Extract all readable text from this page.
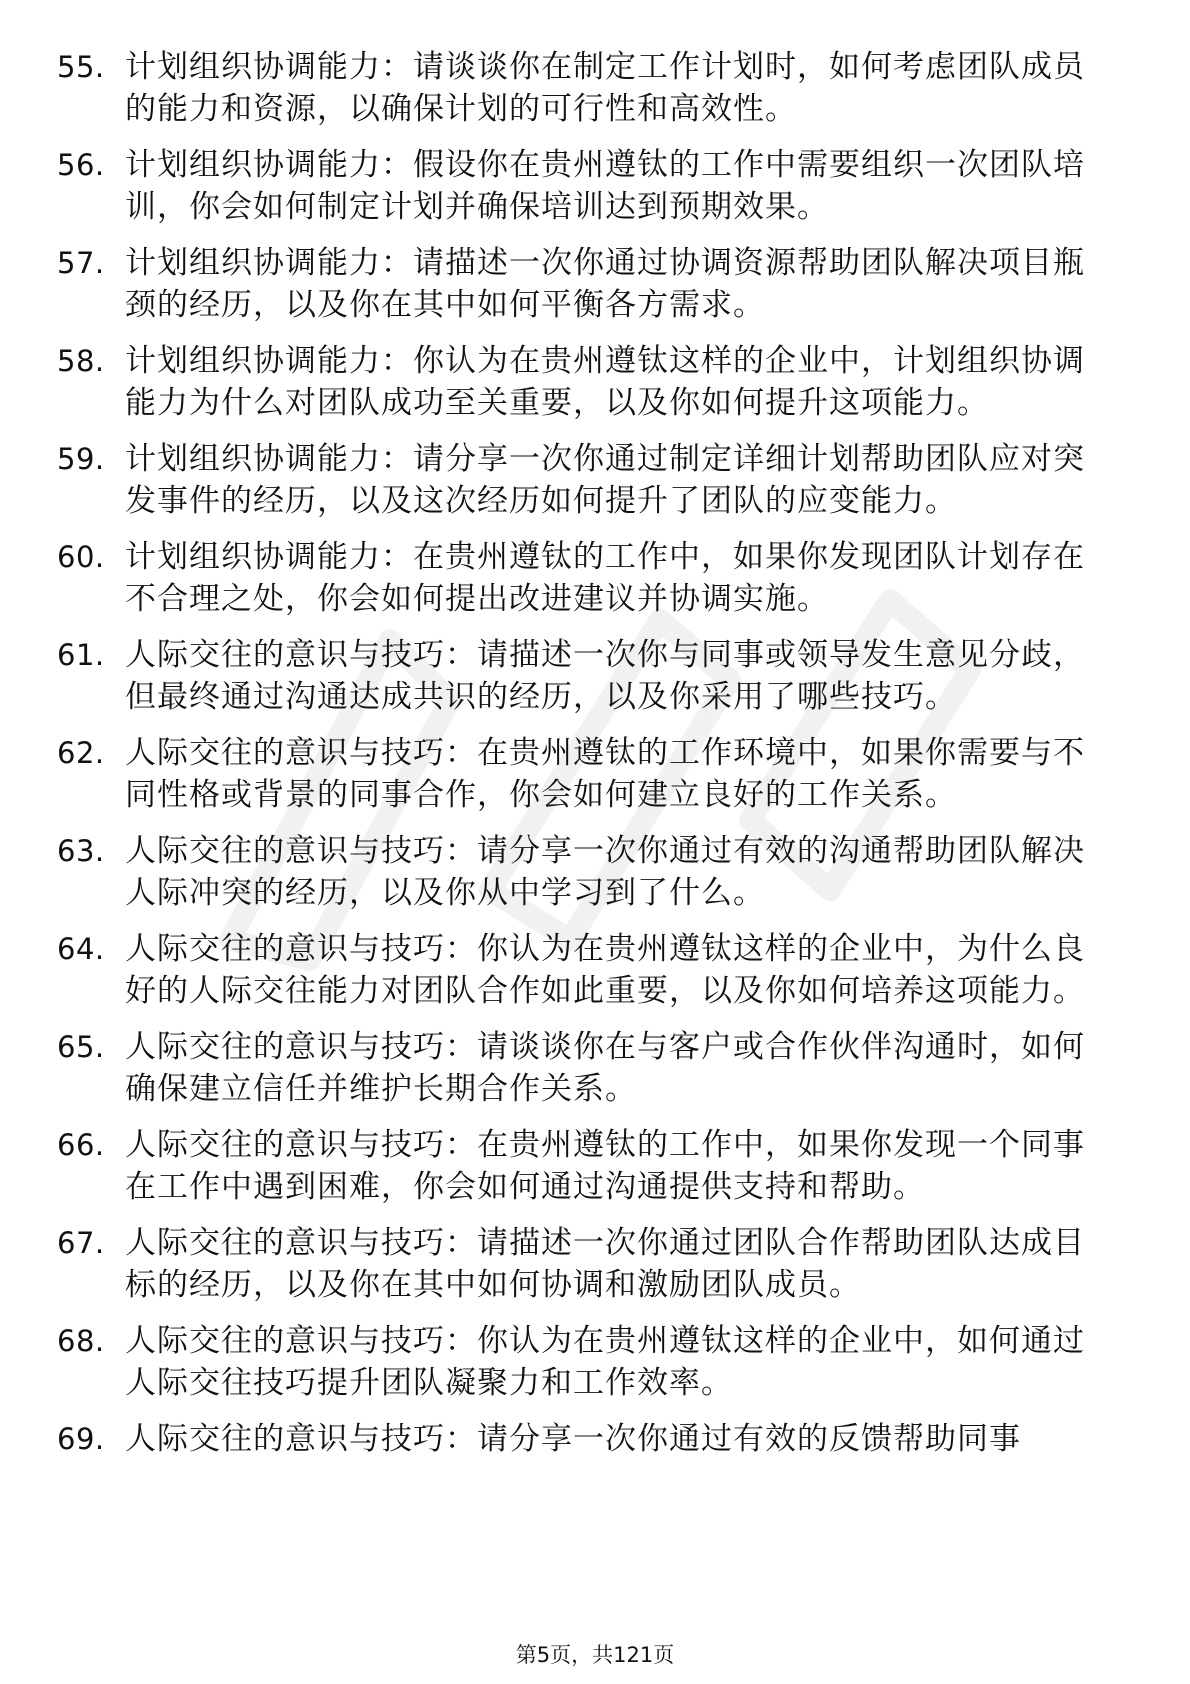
55. 计划组织协调能力：请谈谈你在制定工作计划时，如何考虑团队成员的能力和资源，以确保计划的可行性和高效性。
56. 计划组织协调能力：假设你在贵州遵钛的工作中需要组织一次团队培训，你会如何制定计划并确保培训达到预期效果。
57. 计划组织协调能力：请描述一次你通过协调资源帮助团队解决项目瓶颈的经历，以及你在其中如何平衡各方需求。
58. 计划组织协调能力：你认为在贵州遵钛这样的企业中，计划组织协调能力为什么对团队成功至关重要，以及你如何提升这项能力。
59. 计划组织协调能力：请分享一次你通过制定详细计划帮助团队应对突发事件的经历，以及这次经历如何提升了团队的应变能力。
60. 计划组织协调能力：在贵州遵钛的工作中，如果你发现团队计划存在不合理之处，你会如何提出改进建议并协调实施。
61. 人际交往的意识与技巧：请描述一次你与同事或领导发生意见分歧，但最终通过沟通达成共识的经历，以及你采用了哪些技巧。
62. 人际交往的意识与技巧：在贵州遵钛的工作环境中，如果你需要与不同性格或背景的同事合作，你会如何建立良好的工作关系。
63. 人际交往的意识与技巧：请分享一次你通过有效的沟通帮助团队解决人际冲突的经历，以及你从中学习到了什么。
64. 人际交往的意识与技巧：你认为在贵州遵钛这样的企业中，为什么良好的人际交往能力对团队合作如此重要，以及你如何培养这项能力。
65. 人际交往的意识与技巧：请谈谈你在与客户或合作伙伴沟通时，如何确保建立信任并维护长期合作关系。
66. 人际交往的意识与技巧：在贵州遵钛的工作中，如果你发现一个同事在工作中遇到困难，你会如何通过沟通提供支持和帮助。
67. 人际交往的意识与技巧：请描述一次你通过团队合作帮助团队达成目标的经历，以及你在其中如何协调和激励团队成员。
68. 人际交往的意识与技巧：你认为在贵州遵钛这样的企业中，如何通过人际交往技巧提升团队凝聚力和工作效率。
69. 人际交往的意识与技巧：请分享一次你通过有效的反馈帮助同事
第5页，共121页
